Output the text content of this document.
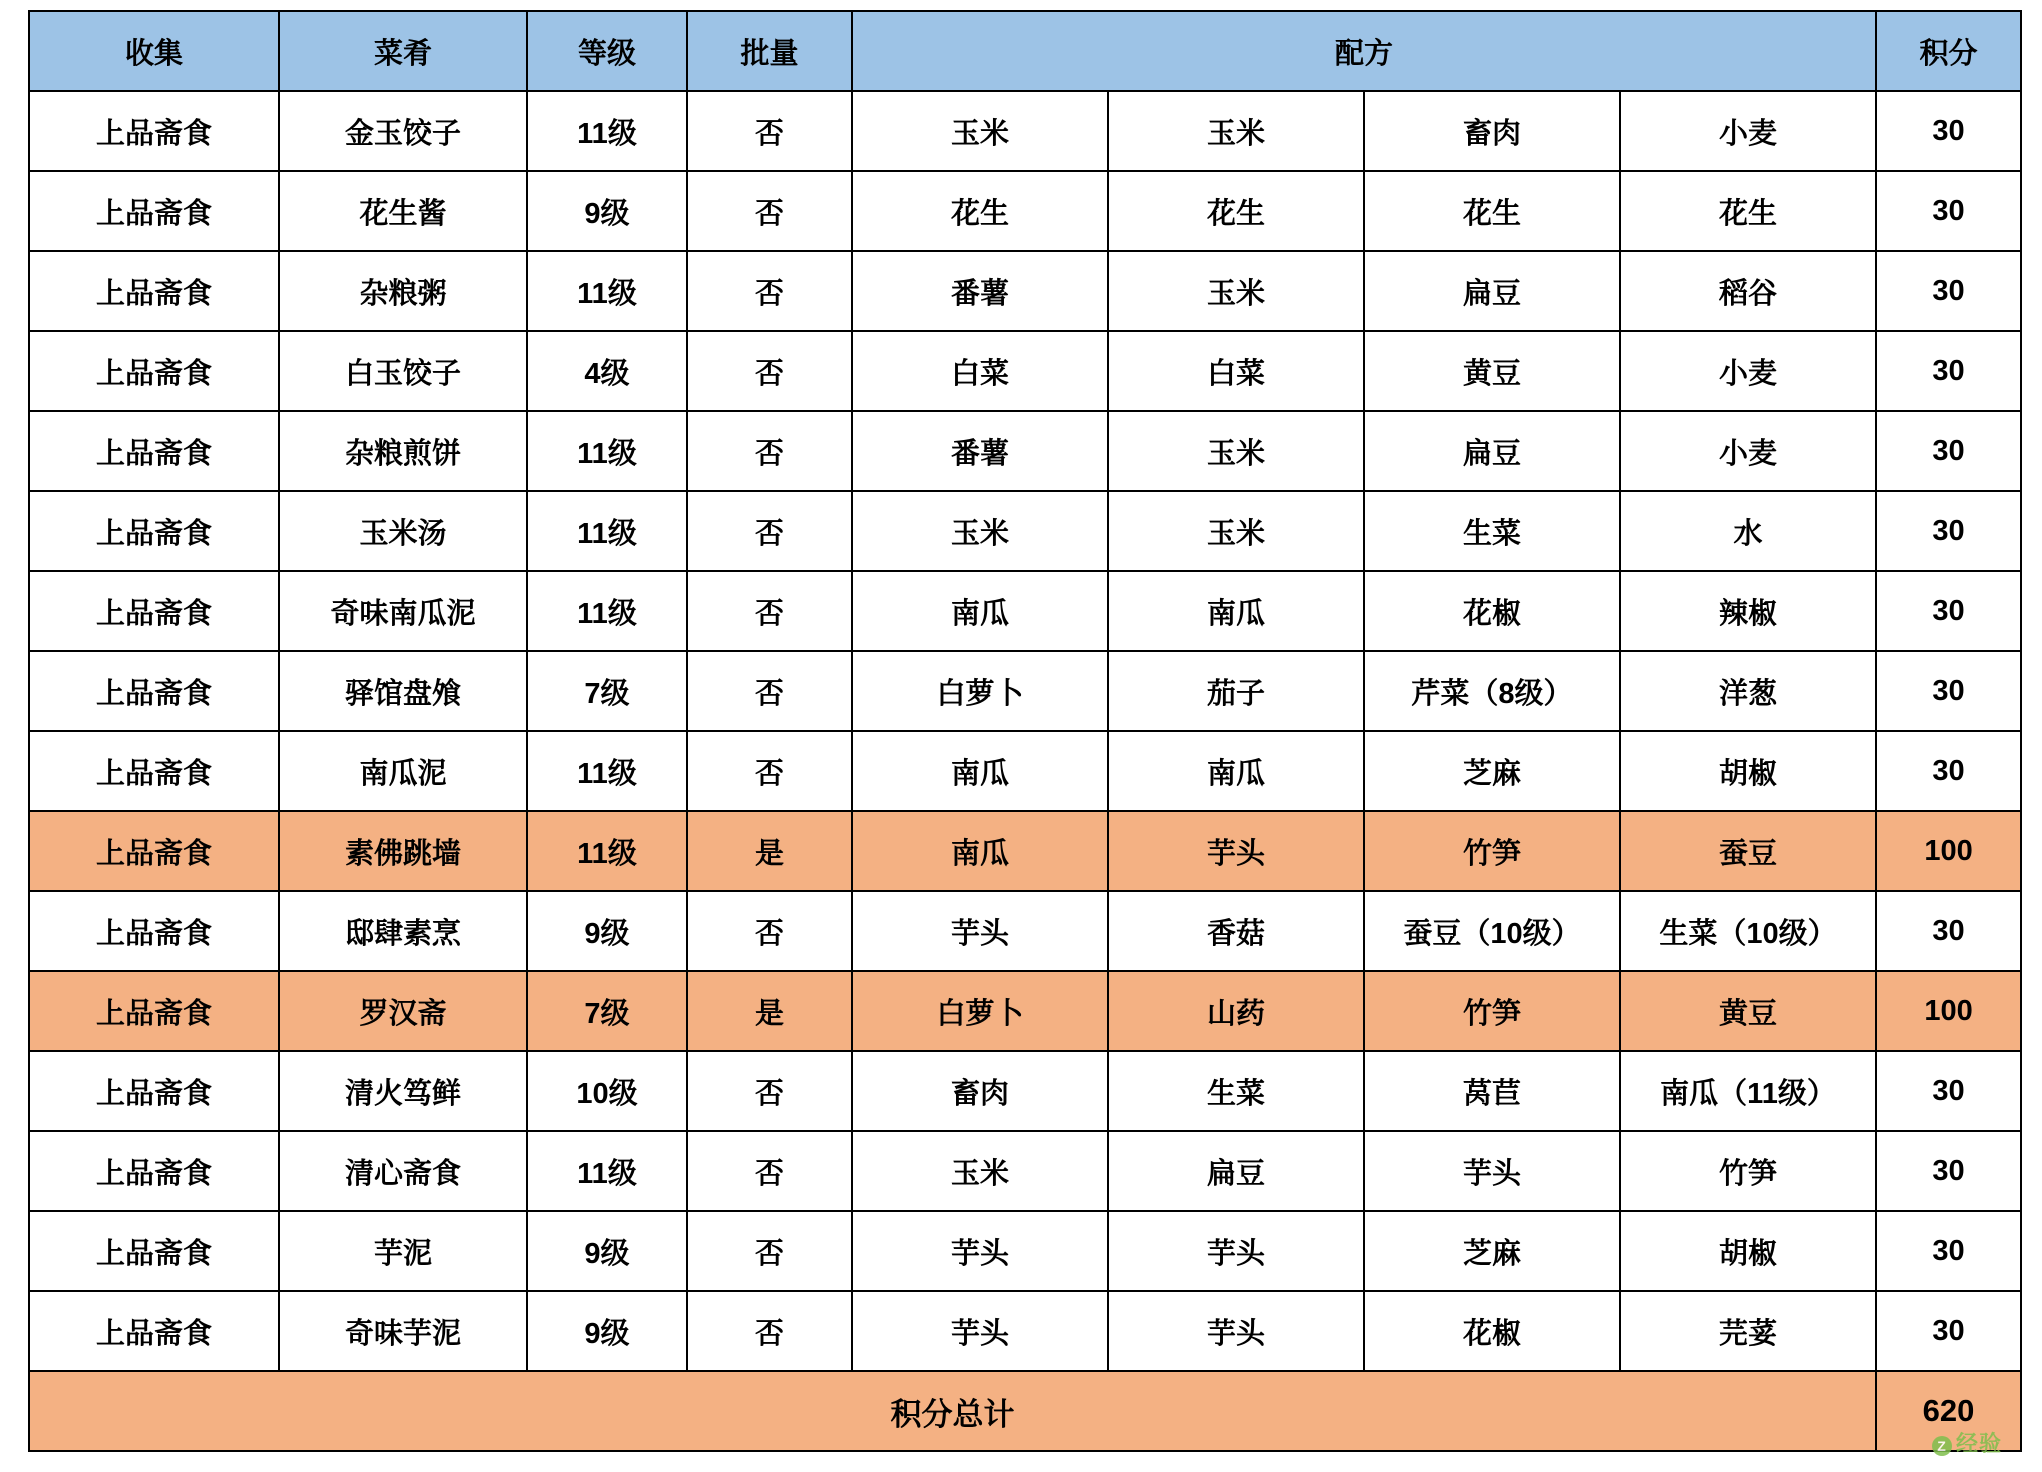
收集	菜肴	等级	批量	配方				积分
上品斋食	金玉饺子	11级	否	玉米	玉米	畜肉	小麦	30
上品斋食	花生酱	9级	否	花生	花生	花生	花生	30
上品斋食	杂粮粥	11级	否	番薯	玉米	扁豆	稻谷	30
上品斋食	白玉饺子	4级	否	白菜	白菜	黄豆	小麦	30
上品斋食	杂粮煎饼	11级	否	番薯	玉米	扁豆	小麦	30
上品斋食	玉米汤	11级	否	玉米	玉米	生菜	水	30
上品斋食	奇味南瓜泥	11级	否	南瓜	南瓜	花椒	辣椒	30
上品斋食	驿馆盘飧	7级	否	白萝卜	茄子	芹菜（8级）	洋葱	30
上品斋食	南瓜泥	11级	否	南瓜	南瓜	芝麻	胡椒	30
上品斋食	素佛跳墙	11级	是	南瓜	芋头	竹笋	蚕豆	100
上品斋食	邸肆素烹	9级	否	芋头	香菇	蚕豆（10级）	生菜（10级）	30
上品斋食	罗汉斋	7级	是	白萝卜	山药	竹笋	黄豆	100
上品斋食	清火笃鲜	10级	否	畜肉	生菜	莴苣	南瓜（11级）	30
上品斋食	清心斋食	11级	否	玉米	扁豆	芋头	竹笋	30
上品斋食	芋泥	9级	否	芋头	芋头	芝麻	胡椒	30
上品斋食	奇味芋泥	9级	否	芋头	芋头	花椒	芫荽	30
积分总计								620
Z 经验
